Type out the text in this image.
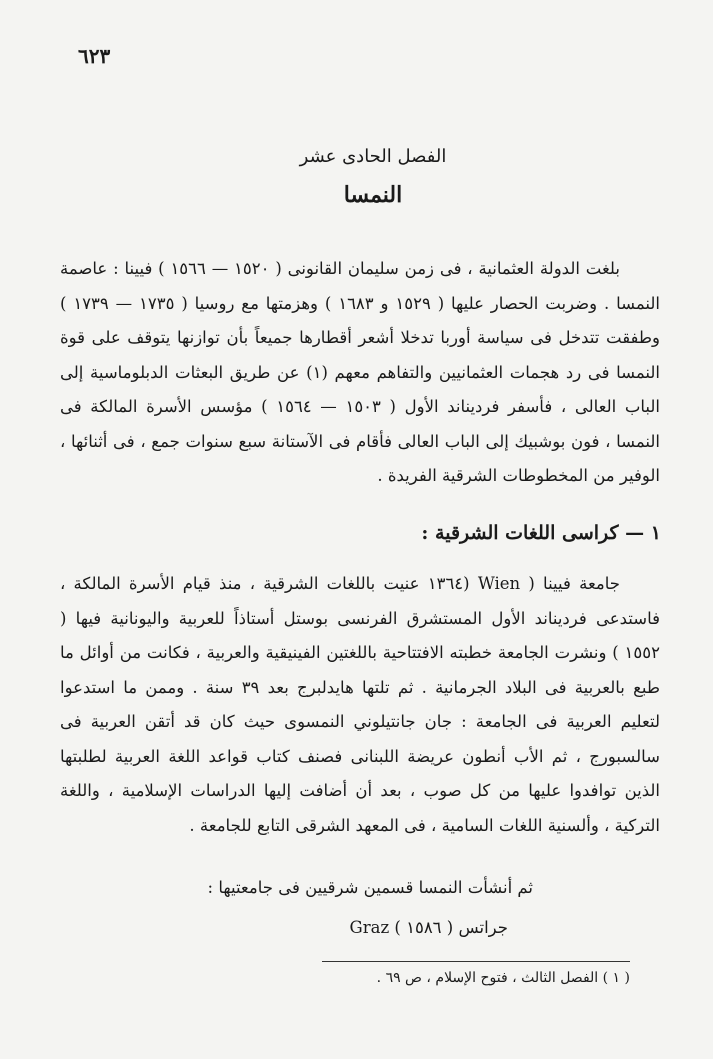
٦٢٣
الفصل الحادى عشر
النمسا

بلغت الدولة العثمانية ، فى زمن سليمان القانونى ( ١٥٢٠ — ١٥٦٦ ) فيينا : عاصمة النمسا . وضربت الحصار عليها ( ١٥٢٩ و ١٦٨٣ ) وهزمتها مع روسيا ( ١٧٣٥ — ١٧٣٩ ) وطفقت تتدخل فى سياسة أوربا تدخلا أشعر أقطارها جميعاً بأن توازنها يتوقف على قوة النمسا فى رد هجمات العثمانيين والتفاهم معهم (١) عن طريق البعثات الدبلوماسية إلى الباب العالى ، فأسفر فرديناند الأول ( ١٥٠٣ — ١٥٦٤ ) مؤسس الأسرة المالكة فى النمسا ، فون بوشبيك إلى الباب العالى فأقام فى الآستانة سبع سنوات جمع ، فى أثنائها ، الوفير من المخطوطات الشرقية الفريدة .

١ — كراسى اللغات الشرقية :

جامعة فيينا ( Wien (١٣٦٤ عنيت باللغات الشرقية ، منذ قيام الأسرة المالكة ، فاستدعى فرديناند الأول المستشرق الفرنسى بوستل أستاذاً للعربية واليونانية فيها ( ١٥٥٢ ) ونشرت الجامعة خطبته الافتتاحية باللغتين الفينيقية والعربية ، فكانت من أوائل ما طبع بالعربية فى البلاد الجرمانية . ثم تلتها هايدلبرج بعد ٣٩ سنة . وممن ما استدعوا لتعليم العربية فى الجامعة : جان جانتيلوني النمسوى حيث كان قد أتقن العربية فى سالسبورج ، ثم الأب أنطون عريضة اللبنانى فصنف كتاب قواعد اللغة العربية لطلبتها الذين توافدوا عليها من كل صوب ، بعد أن أضافت إليها الدراسات الإسلامية ، واللغة التركية ، وألسنية اللغات السامية ، فى المعهد الشرقى التابع للجامعة .

ثم أنشأت النمسا قسمين شرقيين فى جامعتيها :
جراتس ( ١٥٨٦ ) Graz
( ١ ) الفصل الثالث ، فتوح الإسلام ، ص ٦٩ .
